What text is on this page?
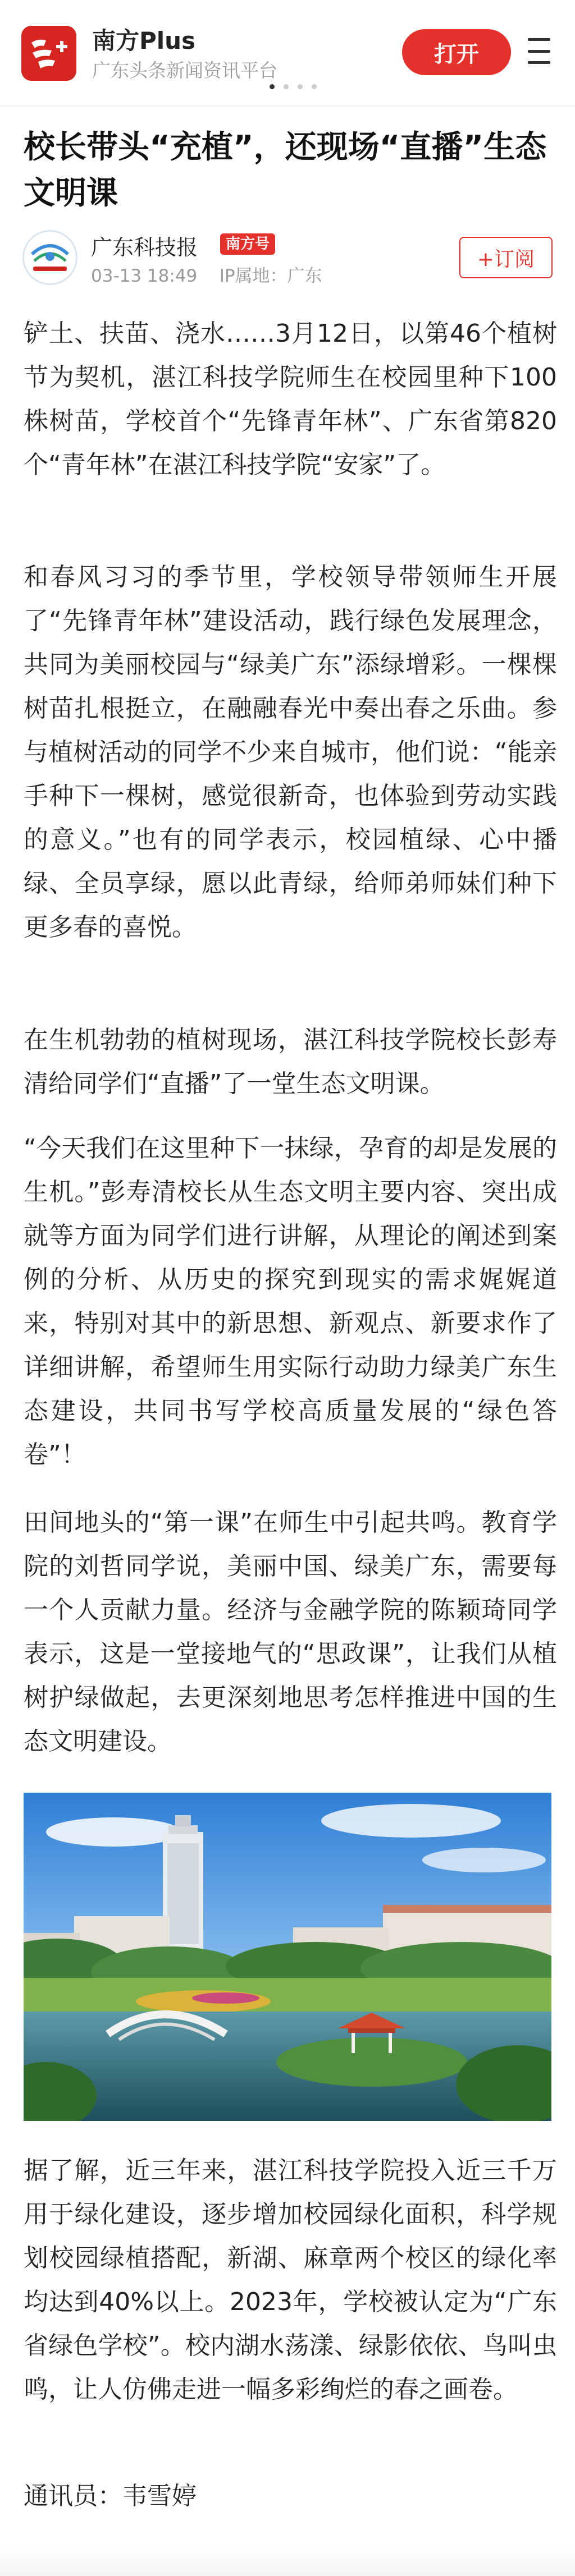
南方Plus
广东头条新闻资讯平台
打开
校长带头“充植”，还现场“直播”生态文明课
广东科技报	南方号
03-13 18:49 IP属地：广东
+订阅

铲土、扶苗、浇水……3月12日，以第46个植树节为契机，湛江科技学院师生在校园里种下100株树苗，学校首个“先锋青年林”、广东省第820个“青年林”在湛江科技学院“安家”了。

和春风习习的季节里，学校领导带领师生开展了“先锋青年林”建设活动，践行绿色发展理念，共同为美丽校园与“绿美广东”添绿增彩。一棵棵树苗扎根挺立，在融融春光中奏出春之乐曲。参与植树活动的同学不少来自城市，他们说：“能亲手种下一棵树，感觉很新奇，也体验到劳动实践的意义。”也有的同学表示，校园植绿、心中播绿、全员享绿，愿以此青绿，给师弟师妹们种下更多春的喜悦。

在生机勃勃的植树现场，湛江科技学院校长彭寿清给同学们“直播”了一堂生态文明课。

“今天我们在这里种下一抹绿，孕育的却是发展的生机。”彭寿清校长从生态文明主要内容、突出成就等方面为同学们进行讲解，从理论的阐述到案例的分析、从历史的探究到现实的需求娓娓道来，特别对其中的新思想、新观点、新要求作了详细讲解，希望师生用实际行动助力绿美广东生态建设，共同书写学校高质量发展的“绿色答卷”！

田间地头的“第一课”在师生中引起共鸣。教育学院的刘哲同学说，美丽中国、绿美广东，需要每一个人贡献力量。经济与金融学院的陈颖琦同学表示，这是一堂接地气的“思政课”，让我们从植树护绿做起，去更深刻地思考怎样推进中国的生态文明建设。

据了解，近三年来，湛江科技学院投入近三千万用于绿化建设，逐步增加校园绿化面积，科学规划校园绿植搭配，新湖、麻章两个校区的绿化率均达到40%以上。2023年，学校被认定为“广东省绿色学校”。校内湖水荡漾、绿影依依、鸟叫虫鸣，让人仿佛走进一幅多彩绚烂的春之画卷。

通讯员：韦雪婷
